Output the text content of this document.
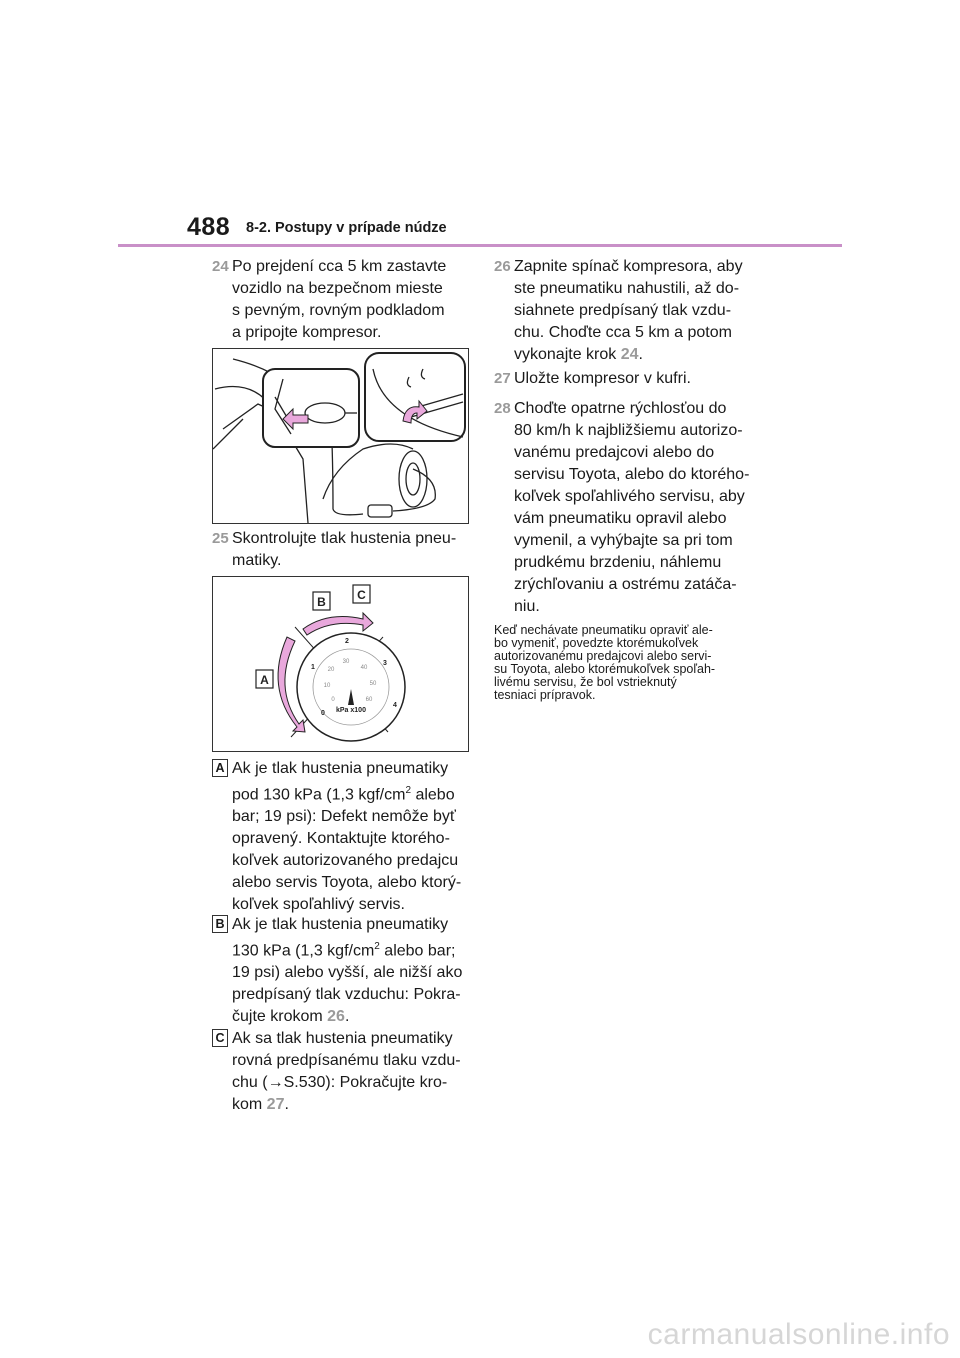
488 8-2. Postupy v prípade núdze

24 Po prejdení cca 5 km zastavte
vozidlo na bezpečnom mieste
s pevným, rovným podkladom
a pripojte kompresor.

25 Skontrolujte tlak hustenia pneu-
matiky.

0
1
2
3
4
0
10
20
30
40
50
60
kPa x100
B	C
A
A Ak je tlak hustenia pneumatiky
pod 130 kPa (1,3 kgf/$cm^2$ alebo
bar; 19 psi): Defekt nemôže byť
opravený. Kontaktujte ktorého-
koľvek autorizovaného predajcu
alebo servis Toyota, alebo ktorý-
koľvek spoľahlivý servis.
B Ak je tlak hustenia pneumatiky
130 kPa (1,3 kgf/$cm^2$ alebo bar;
19 psi) alebo vyšší, ale nižší ako
predpísaný tlak vzduchu: Pokra-
čujte krokom 26.
C Ak sa tlak hustenia pneumatiky
rovná predpísanému tlaku vzdu-
chu (→S.530): Pokračujte kro-
kom 27.

26 Zapnite spínač kompresora, aby
ste pneumatiku nahustili, až do-
siahnete predpísaný tlak vzdu-
chu. Choďte cca 5 km a potom
vykonajte krok 24.

27 Uložte kompresor v kufri.

28 Choďte opatrne rýchlosťou do
80 km/h k najbližšiemu autorizo-
vanému predajcovi alebo do
servisu Toyota, alebo do ktorého-
koľvek spoľahlivého servisu, aby
vám pneumatiku opravil alebo
vymenil, a vyhýbajte sa pri tom
prudkému brzdeniu, náhlemu
zrýchľovaniu a ostrému zatáča-
niu.

Keď nechávate pneumatiku opraviť ale-
bo vymeniť, povedzte ktorémukoľvek
autorizovanému predajcovi alebo servi-
su Toyota, alebo ktorémukoľvek spoľah-
livému servisu, že bol vstrieknutý
tesniaci prípravok.
carmanualsonline.info
